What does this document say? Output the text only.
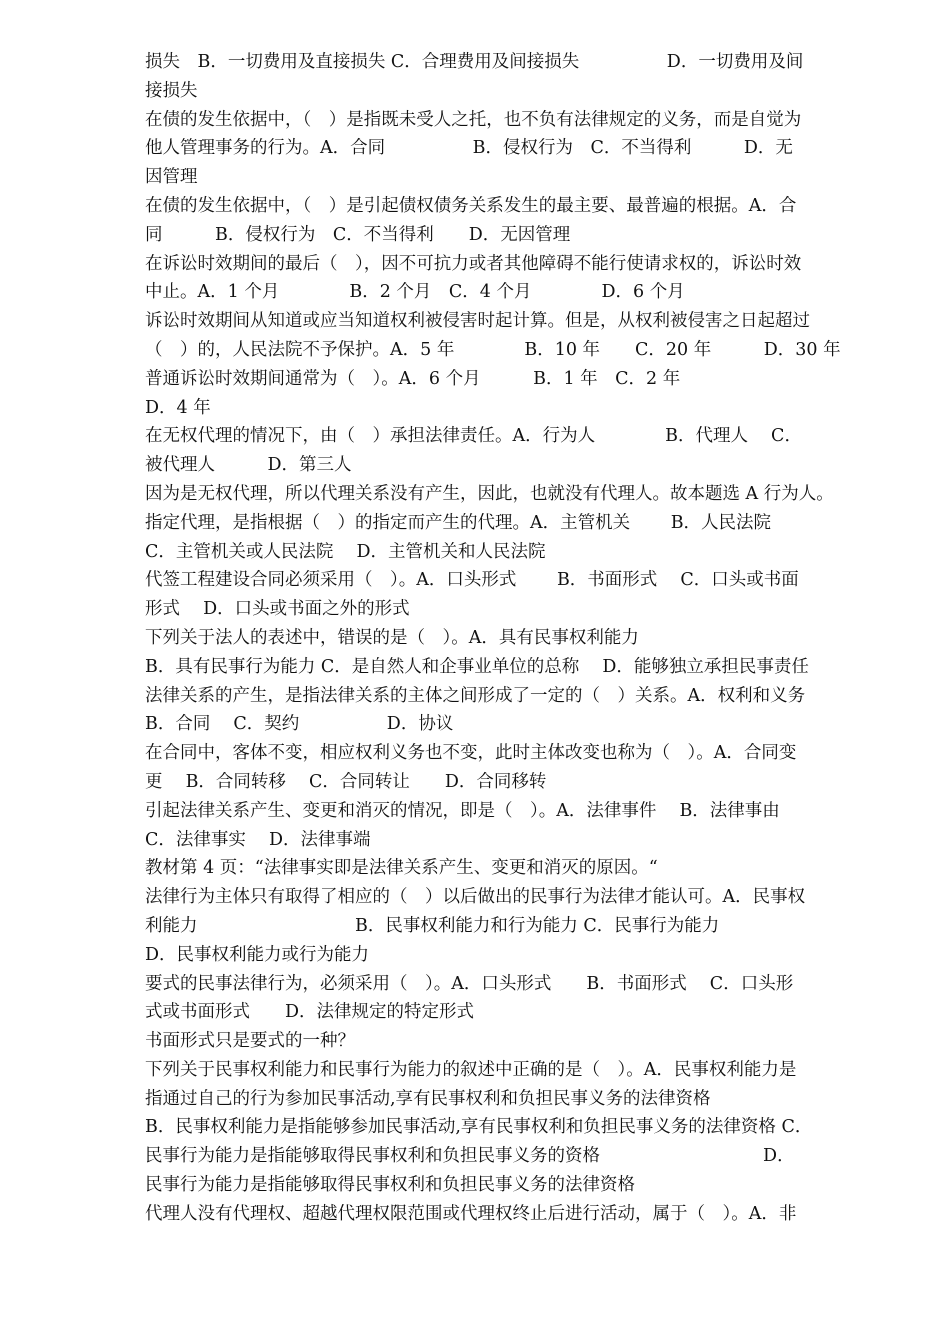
损失　B．一切费用及直接损失 C．合理费用及间接损失　　　　　D．一切费用及间
接损失
在债的发生依据中，（　）是指既未受人之托，也不负有法律规定的义务，而是自觉为
他人管理事务的行为。A．合同　　　　　B．侵权行为　C．不当得利　　　D．无
因管理
在债的发生依据中，（　）是引起债权债务关系发生的最主要、最普遍的根据。A．合
同　　　B．侵权行为　C．不当得利　　D．无因管理
在诉讼时效期间的最后（　），因不可抗力或者其他障碍不能行使请求权的，诉讼时效
中止。A．1 个月　　　　B．2 个月　C．4 个月　　　　D．6 个月
诉讼时效期间从知道或应当知道权利被侵害时起计算。但是，从权利被侵害之日起超过
（　）的，人民法院不予保护。A．5 年　　　　B．10 年　　C．20 年　　　D．30 年
普通诉讼时效期间通常为（　）。A．6 个月　　　B．1 年　C．2 年
D．4 年
在无权代理的情况下，由（　）承担法律责任。A．行为人　　　　B．代理人　 C．
被代理人　　　D．第三人
因为是无权代理，所以代理关系没有产生，因此，也就没有代理人。故本题选 A 行为人。
指定代理，是指根据（　）的指定而产生的代理。A．主管机关　　 B．人民法院
C．主管机关或人民法院　 D．主管机关和人民法院
代签工程建设合同必须采用（　）。A．口头形式　　 B．书面形式　 C．口头或书面
形式　 D．口头或书面之外的形式
下列关于法人的表述中，错误的是（　）。A．具有民事权利能力
B．具有民事行为能力 C．是自然人和企事业单位的总称　 D．能够独立承担民事责任
法律关系的产生，是指法律关系的主体之间形成了一定的（　）关系。A．权利和义务
B．合同　 C．契约　　　　　D．协议
在合同中，客体不变，相应权利义务也不变，此时主体改变也称为（　）。A．合同变
更　 B．合同转移　 C．合同转让　　D．合同移转
引起法律关系产生、变更和消灭的情况，即是（　）。A．法律事件　 B．法律事由
C．法律事实　 D．法律事端
教材第 4 页：“法律事实即是法律关系产生、变更和消灭的原因。“
法律行为主体只有取得了相应的（　）以后做出的民事行为法律才能认可。A．民事权
利能力　　　　　　　　　B．民事权利能力和行为能力 C．民事行为能力
D．民事权利能力或行为能力
要式的民事法律行为，必须采用（　）。A．口头形式　　B．书面形式　 C．口头形
式或书面形式　　D．法律规定的特定形式
书面形式只是要式的一种？
下列关于民事权利能力和民事行为能力的叙述中正确的是（　）。A．民事权利能力是
指通过自己的行为参加民事活动,享有民事权利和负担民事义务的法律资格
B．民事权利能力是指能够参加民事活动,享有民事权利和负担民事义务的法律资格 C．
民事行为能力是指能够取得民事权利和负担民事义务的资格　　　　　　　　　 D．
民事行为能力是指能够取得民事权利和负担民事义务的法律资格
代理人没有代理权、超越代理权限范围或代理权终止后进行活动，属于（　）。A．非
